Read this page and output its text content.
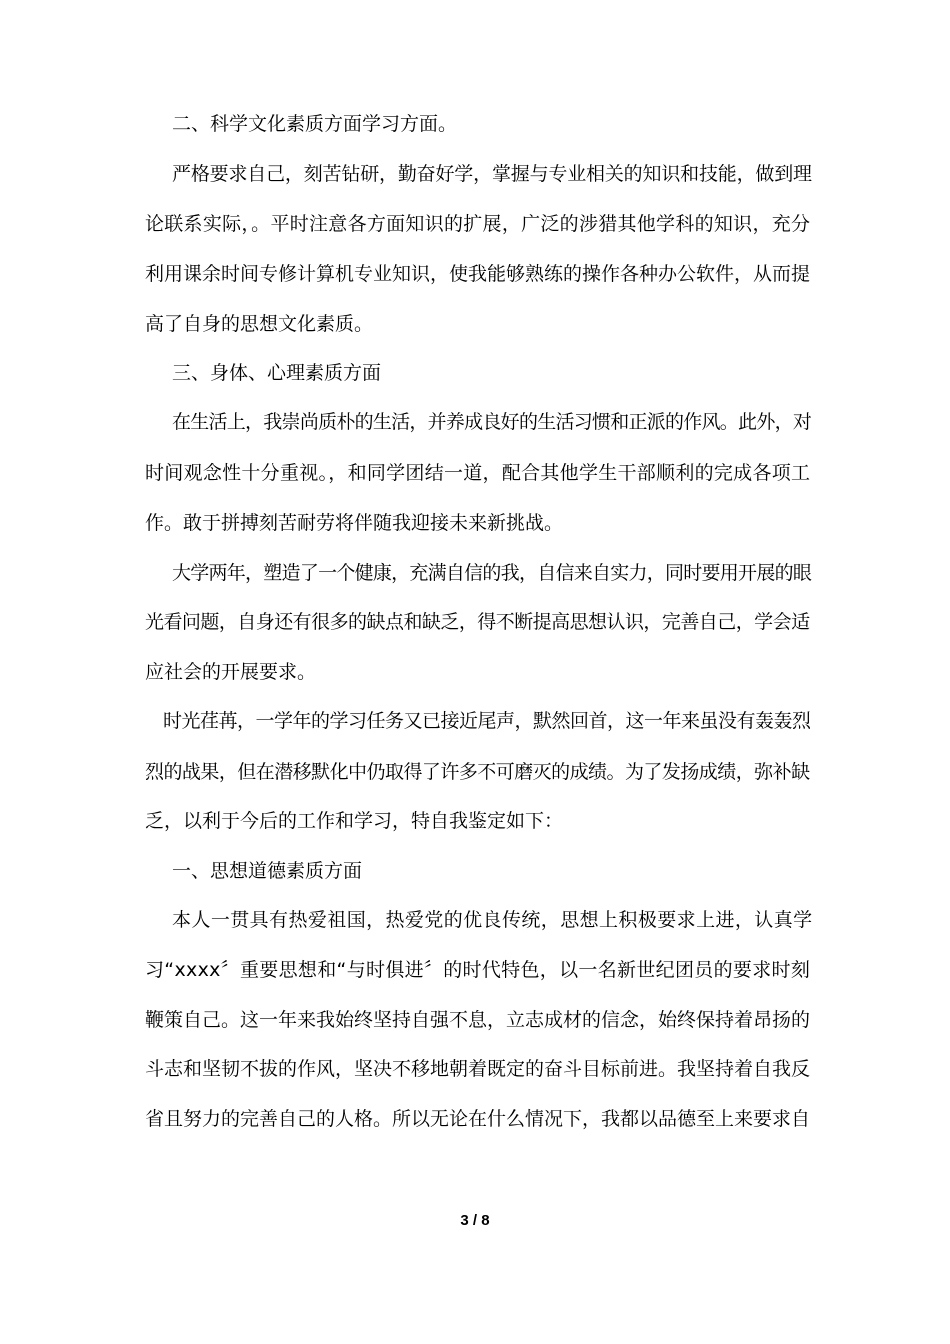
二、科学文化素质方面学习方面。
严格要求自己，刻苦钻研，勤奋好学，掌握与专业相关的知识和技能，做到理
论联系实际，。平时注意各方面知识的扩展，广泛的涉猎其他学科的知识，充分
利用课余时间专修计算机专业知识，使我能够熟练的操作各种办公软件，从而提
高了自身的思想文化素质。
三、身体、心理素质方面
在生活上，我崇尚质朴的生活，并养成良好的生活习惯和正派的作风。此外，对
时间观念性十分重视。，和同学团结一道，配合其他学生干部顺利的完成各项工
作。敢于拼搏刻苦耐劳将伴随我迎接未来新挑战。
大学两年，塑造了一个健康，充满自信的我，自信来自实力，同时要用开展的眼
光看问题，自身还有很多的缺点和缺乏，得不断提高思想认识，完善自己，学会适
应社会的开展要求。
时光荏苒，一学年的学习任务又已接近尾声，默然回首，这一年来虽没有轰轰烈
烈的战果，但在潜移默化中仍取得了许多不可磨灭的成绩。为了发扬成绩，弥补缺
乏，以利于今后的工作和学习，特自我鉴定如下：
一、思想道德素质方面
本人一贯具有热爱祖国，热爱党的优良传统，思想上积极要求上进，认真学
习“xxxx〞重要思想和“与时俱进〞的时代特色，以一名新世纪团员的要求时刻
鞭策自己。这一年来我始终坚持自强不息，立志成材的信念，始终保持着昂扬的
斗志和坚韧不拔的作风，坚决不移地朝着既定的奋斗目标前进。我坚持着自我反
省且努力的完善自己的人格。所以无论在什么情况下，我都以品德至上来要求自
3 / 8
